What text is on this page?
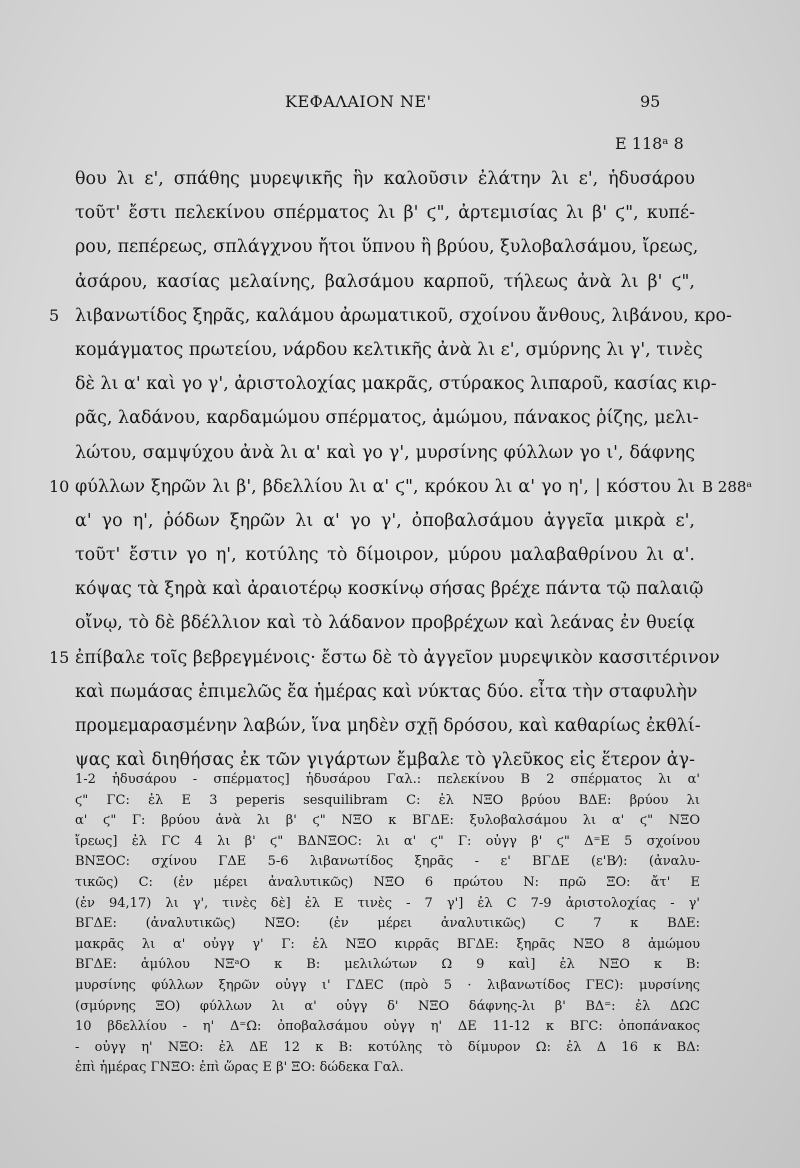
ΚΕΦΑΛΑΙΟΝ ΝΕ'	95
E 118ᵃ 8
θου λι ε', σπάθης μυρεψικῆς ἣν καλοῦσιν ἐλάτην λι ε', ἡδυσάρου
τοῦτ' ἔστι πελεκίνου σπέρματος λι β' ϛ", ἀρτεμισίας λι β' ϛ", κυπέ-
ρου, πεπέρεως, σπλάγχνου ἤτοι ὕπνου ἢ βρύου, ξυλοβαλσάμου, ἴρεως,
ἀσάρου, κασίας μελαίνης, βαλσάμου καρποῦ, τήλεως ἀνὰ λι β' ϛ",
5 λιβανωτίδος ξηρᾶς, καλάμου ἀρωματικοῦ, σχοίνου ἄνθους, λιβάνου, κρο-
κομάγματος πρωτείου, νάρδου κελτικῆς ἀνὰ λι ε', σμύρνης λι γ', τινὲς
δὲ λι α' καὶ γο γ', ἀριστολοχίας μακρᾶς, στύρακος λιπαροῦ, κασίας κιρ-
ρᾶς, λαδάνου, καρδαμώμου σπέρματος, ἀμώμου, πάνακος ῥίζης, μελι-
λώτου, σαμψύχου ἀνὰ λι α' καὶ γο γ', μυρσίνης φύλλων γο ι', δάφνης
10 φύλλων ξηρῶν λι β', βδελλίου λι α' ϛ", κρόκου λι α' γο η', | κόστου λι B 288ᵃ
α' γο η', ῥόδων ξηρῶν λι α' γο γ', ὀποβαλσάμου ἀγγεῖα μικρὰ ε',
τοῦτ' ἔστιν γο η', κοτύλης τὸ δίμοιρον, μύρου μαλαβαθρίνου λι α'.
κόψας τὰ ξηρὰ καὶ ἀραιοτέρῳ κοσκίνῳ σήσας βρέχε πάντα τῷ παλαιῷ
οἴνῳ, τὸ δὲ βδέλλιον καὶ τὸ λάδανον προβρέχων καὶ λεάνας ἐν θυείᾳ
15 ἐπίβαλε τοῖς βεβρεγμένοις· ἔστω δὲ τὸ ἀγγεῖον μυρεψικὸν κασσιτέρινον
καὶ πωμάσας ἐπιμελῶς ἔα ἡμέρας καὶ νύκτας δύο. εἶτα τὴν σταφυλὴν
προμεμαρασμένην λαβών, ἵνα μηδὲν σχῇ δρόσου, καὶ καθαρίως ἐκθλί-
ψας καὶ διηθήσας ἐκ τῶν γιγάρτων ἔμβαλε τὸ γλεῦκος εἰς ἕτερον ἀγ-
1-2 ἡδυσάρου - σπέρματος] ἡδυσάρου Γαλ.: πελεκίνου B 2 σπέρματος λι α'
ϛ" ΓC: ἐλ E 3 peperis sesquilibram C: ἐλ ΝΞΟ βρύου ΒΔΕ: βρύου λι
α' ϛ" Γ: βρύου ἀνὰ λι β' ϛ" ΝΞΟ κ ΒΓΔΕ: ξυλοβαλσάμου λι α' ϛ" ΝΞΟ
ἴρεως] ἐλ ΓC 4 λι β' ϛ" ΒΔΝΞΟC: λι α' ϛ" Γ: οὐγγ β' ϛ" Δ⁼Ε 5 σχοίνου
ΒΝΞΟC: σχίνου ΓΔΕ 5-6 λιβανωτίδος ξηρᾶς - ε' ΒΓΔΕ (ε'Β⁄): (ἀναλυ-
τικῶς) C: (ἐν μέρει ἀναλυτικῶς) ΝΞΟ 6 πρώτου Ν: πρῶ ΞΟ: ἄτ' Ε
(ἐν 94,17) λι γ', τινὲς δὲ] ἐλ Ε τινὲς - 7 γ'] ἐλ C 7-9 ἀριστολοχίας - γ'
ΒΓΔΕ: (ἀναλυτικῶς) ΝΞΟ: (ἐν μέρει ἀναλυτικῶς) C 7 κ ΒΔΕ:
μακρᾶς λι α' οὐγγ γ' Γ: ἐλ ΝΞΟ κιρρᾶς ΒΓΔΕ: ξηρᾶς ΝΞΟ 8 ἀμώμου
ΒΓΔΕ: ἀμύλου ΝΞᵃΟ κ Β: μελιλώτων Ω 9 καὶ] ἐλ ΝΞΟ κ Β:
μυρσίνης φύλλων ξηρῶν οὐγγ ι' ΓΔΕC (πρὸ 5 · λιβανωτίδος ΓΕC): μυρσίνης
(σμύρνης ΞΟ) φύλλων λι α' οὐγγ δ' ΝΞΟ δάφνης-λι β' ΒΔ⁼: ἐλ ΔΩC
10 βδελλίου - η' Δ⁼Ω: ὀποβαλσάμου οὐγγ η' ΔΕ 11-12 κ ΒΓC: ὀποπάνακος
- οὐγγ η' ΝΞΟ: ἐλ ΔΕ 12 κ Β: κοτύλης τὸ δίμυρον Ω: ἐλ Δ 16 κ ΒΔ:
ἐπὶ ἡμέρας ΓΝΞΟ: ἐπὶ ὥρας Ε β' ΞΟ: δώδεκα Γαλ.
